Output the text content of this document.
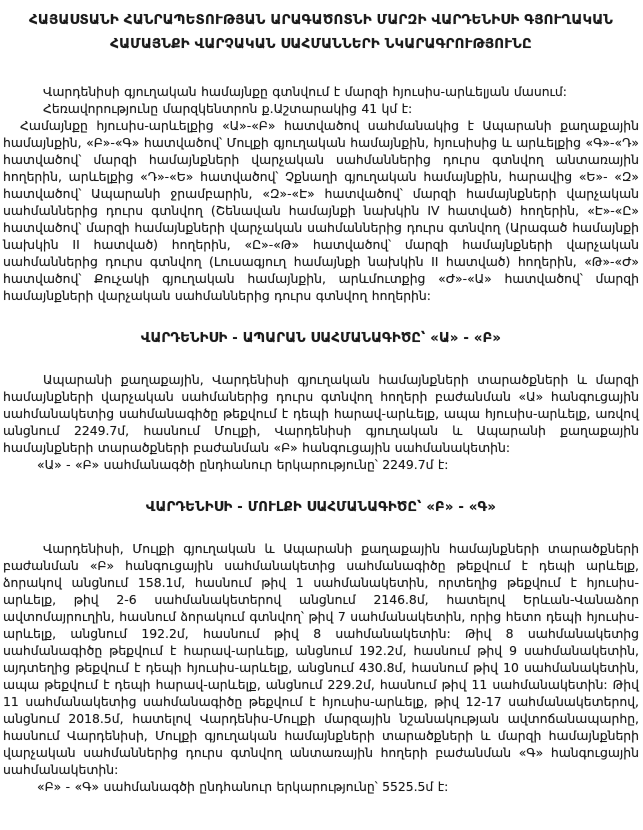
ՀԱՅԱՍՏԱՆԻ ՀԱՆՐԱՊԵՏՈՒԹՅԱՆ ԱՐԱԳԱԾՈՏՆԻ ՄԱՐԶԻ ՎԱՐԴԵՆԻՍԻ ԳՅՈՒՂԱԿԱՆ
ՀԱՄԱՅՆՔԻ ՎԱՐՉԱԿԱՆ ՍԱՀՄԱՆՆԵՐԻ ՆԿԱՐԱԳՐՈՒԹՅՈՒՆԸ

Վարդենիսի գյուղական համայնքը գտնվում է մարզի հյուսիս-արևելյան մասում:

Հեռավորությունը մարզկենտրոն ք.Աշտարակից 41 կմ է:

Համայնքը հյուսիս-արևելքից «Ա»-«Բ» հատվածով սահմանակից է Ապարանի քաղաքային համայնքին, «Բ»-«Գ» հատվածով՝ Մուլքի գյուղական համայնքին, հյուսիսից և արևելքից «Գ»-«Դ» հատվածով՝ մարզի համայնքների վարչական սահմաններից դուրս գտնվող անտառային հողերին, արևելքից «Դ»-«Ե» հատվածով՝ Չքնաղի գյուղական համայնքին, հարավից «Ե»- «Զ» հատվածով՝ Ապարանի ջրամբարին, «Զ»-«Է» հատվածով՝ մարզի համայնքների վարչական սահմաններից դուրս գտնվող (Շենավան համայնքի նախկին IV հատված) հողերին, «Է»-«Ը» հատվածով՝ մարզի համայնքների վարչական սահմաններից դուրս գտնվող (Արագած համայնքի նախկին II հատված) հողերին, «Ը»-«Թ» հատվածով՝ մարզի համայնքների վարչական սահմաններից դուրս գտնվող (Լուսագյուղ համայնքի նախկին II հատված) հողերին, «Թ»-«Ժ» հատվածով՝ Քուչակի գյուղական համայնքին, արևմուտքից «Ժ»-«Ա» հատվածով՝ մարզի համայնքների վարչական սահմաններից դուրս գտնվող հողերին:

ՎԱՐԴԵՆԻՍԻ - ԱՊԱՐԱՆ ՍԱՀՄԱՆԱԳԻԾԸ՝ «Ա» - «Բ»

Ապարանի քաղաքային, Վարդենիսի գյուղական համայնքների տարածքների և մարզի համայնքների վարչական սահմաներից դուրս գտնվող հողերի բաժանման «Ա» հանգուցային սահմանակետից սահմանագիծը թեքվում է դեպի հարավ-արևելք, ապա հյուսիս-արևելք, առվով անցնում 2249.7մ, հասնում Մուլքի, Վարդենիսի գյուղական և Ապարանի քաղաքային համայնքների տարածքների բաժանման «Բ» հանգուցային սահմանակետին:

«Ա» - «Բ» սահմանագծի ընդհանուր երկարությունը՝ 2249.7մ է:

ՎԱՐԴԵՆԻՍԻ - ՄՈՒԼՔԻ ՍԱՀՄԱՆԱԳԻԾԸ՝ «Բ» - «Գ»

Վարդենիսի, Մուլքի գյուղական և Ապարանի քաղաքային համայնքների տարածքների բաժանման «Բ» հանգուցային սահմանակետից սահմանագիծը թեքվում է դեպի արևելք, ձորակով անցնում 158.1մ, հասնում թիվ 1 սահմանակետին, որտեղից թեքվում է հյուսիս-արևելք, թիվ 2-6 սահմանակետերով անցնում 2146.8մ, հատելով Երևան-Վանաձոր ավտոմայրուղին, հասնում ձորակում գտնվող՝ թիվ 7 սահմանակետին, որից հետո դեպի հյուսիս-արևելք, անցնում 192.2մ, հասնում թիվ 8 սահմանակետին: Թիվ 8 սահմանակետից սահմանագիծը թեքվում է հարավ-արևելք, անցնում 192.2մ, հասնում թիվ 9 սահմանակետին, այդտեղից թեքվում է դեպի հյուսիս-արևելք, անցնում 430.8մ, հասնում թիվ 10 սահմանակետին, ապա թեքվում է դեպի հարավ-արևելք, անցնում 229.2մ, հասնում թիվ 11 սահմանակետին: Թիվ 11 սահմանակետից սահմանագիծը թեքվում է հյուսիս-արևելք, թիվ 12-17 սահմանակետերով, անցնում 2018.5մ, հատելով Վարդենիս-Մուլքի մարզային նշանակության ավտոճանապարհը, հասնում Վարդենիսի, Մուլքի գյուղական համայնքների տարածքների և մարզի համայնքների վարչական սահմաններից դուրս գտնվող անտառային հողերի բաժանման «Գ» հանգուցային սահմանակետին:

«Բ» - «Գ» սահմանագծի ընդհանուր երկարությունը՝ 5525.5մ է:
